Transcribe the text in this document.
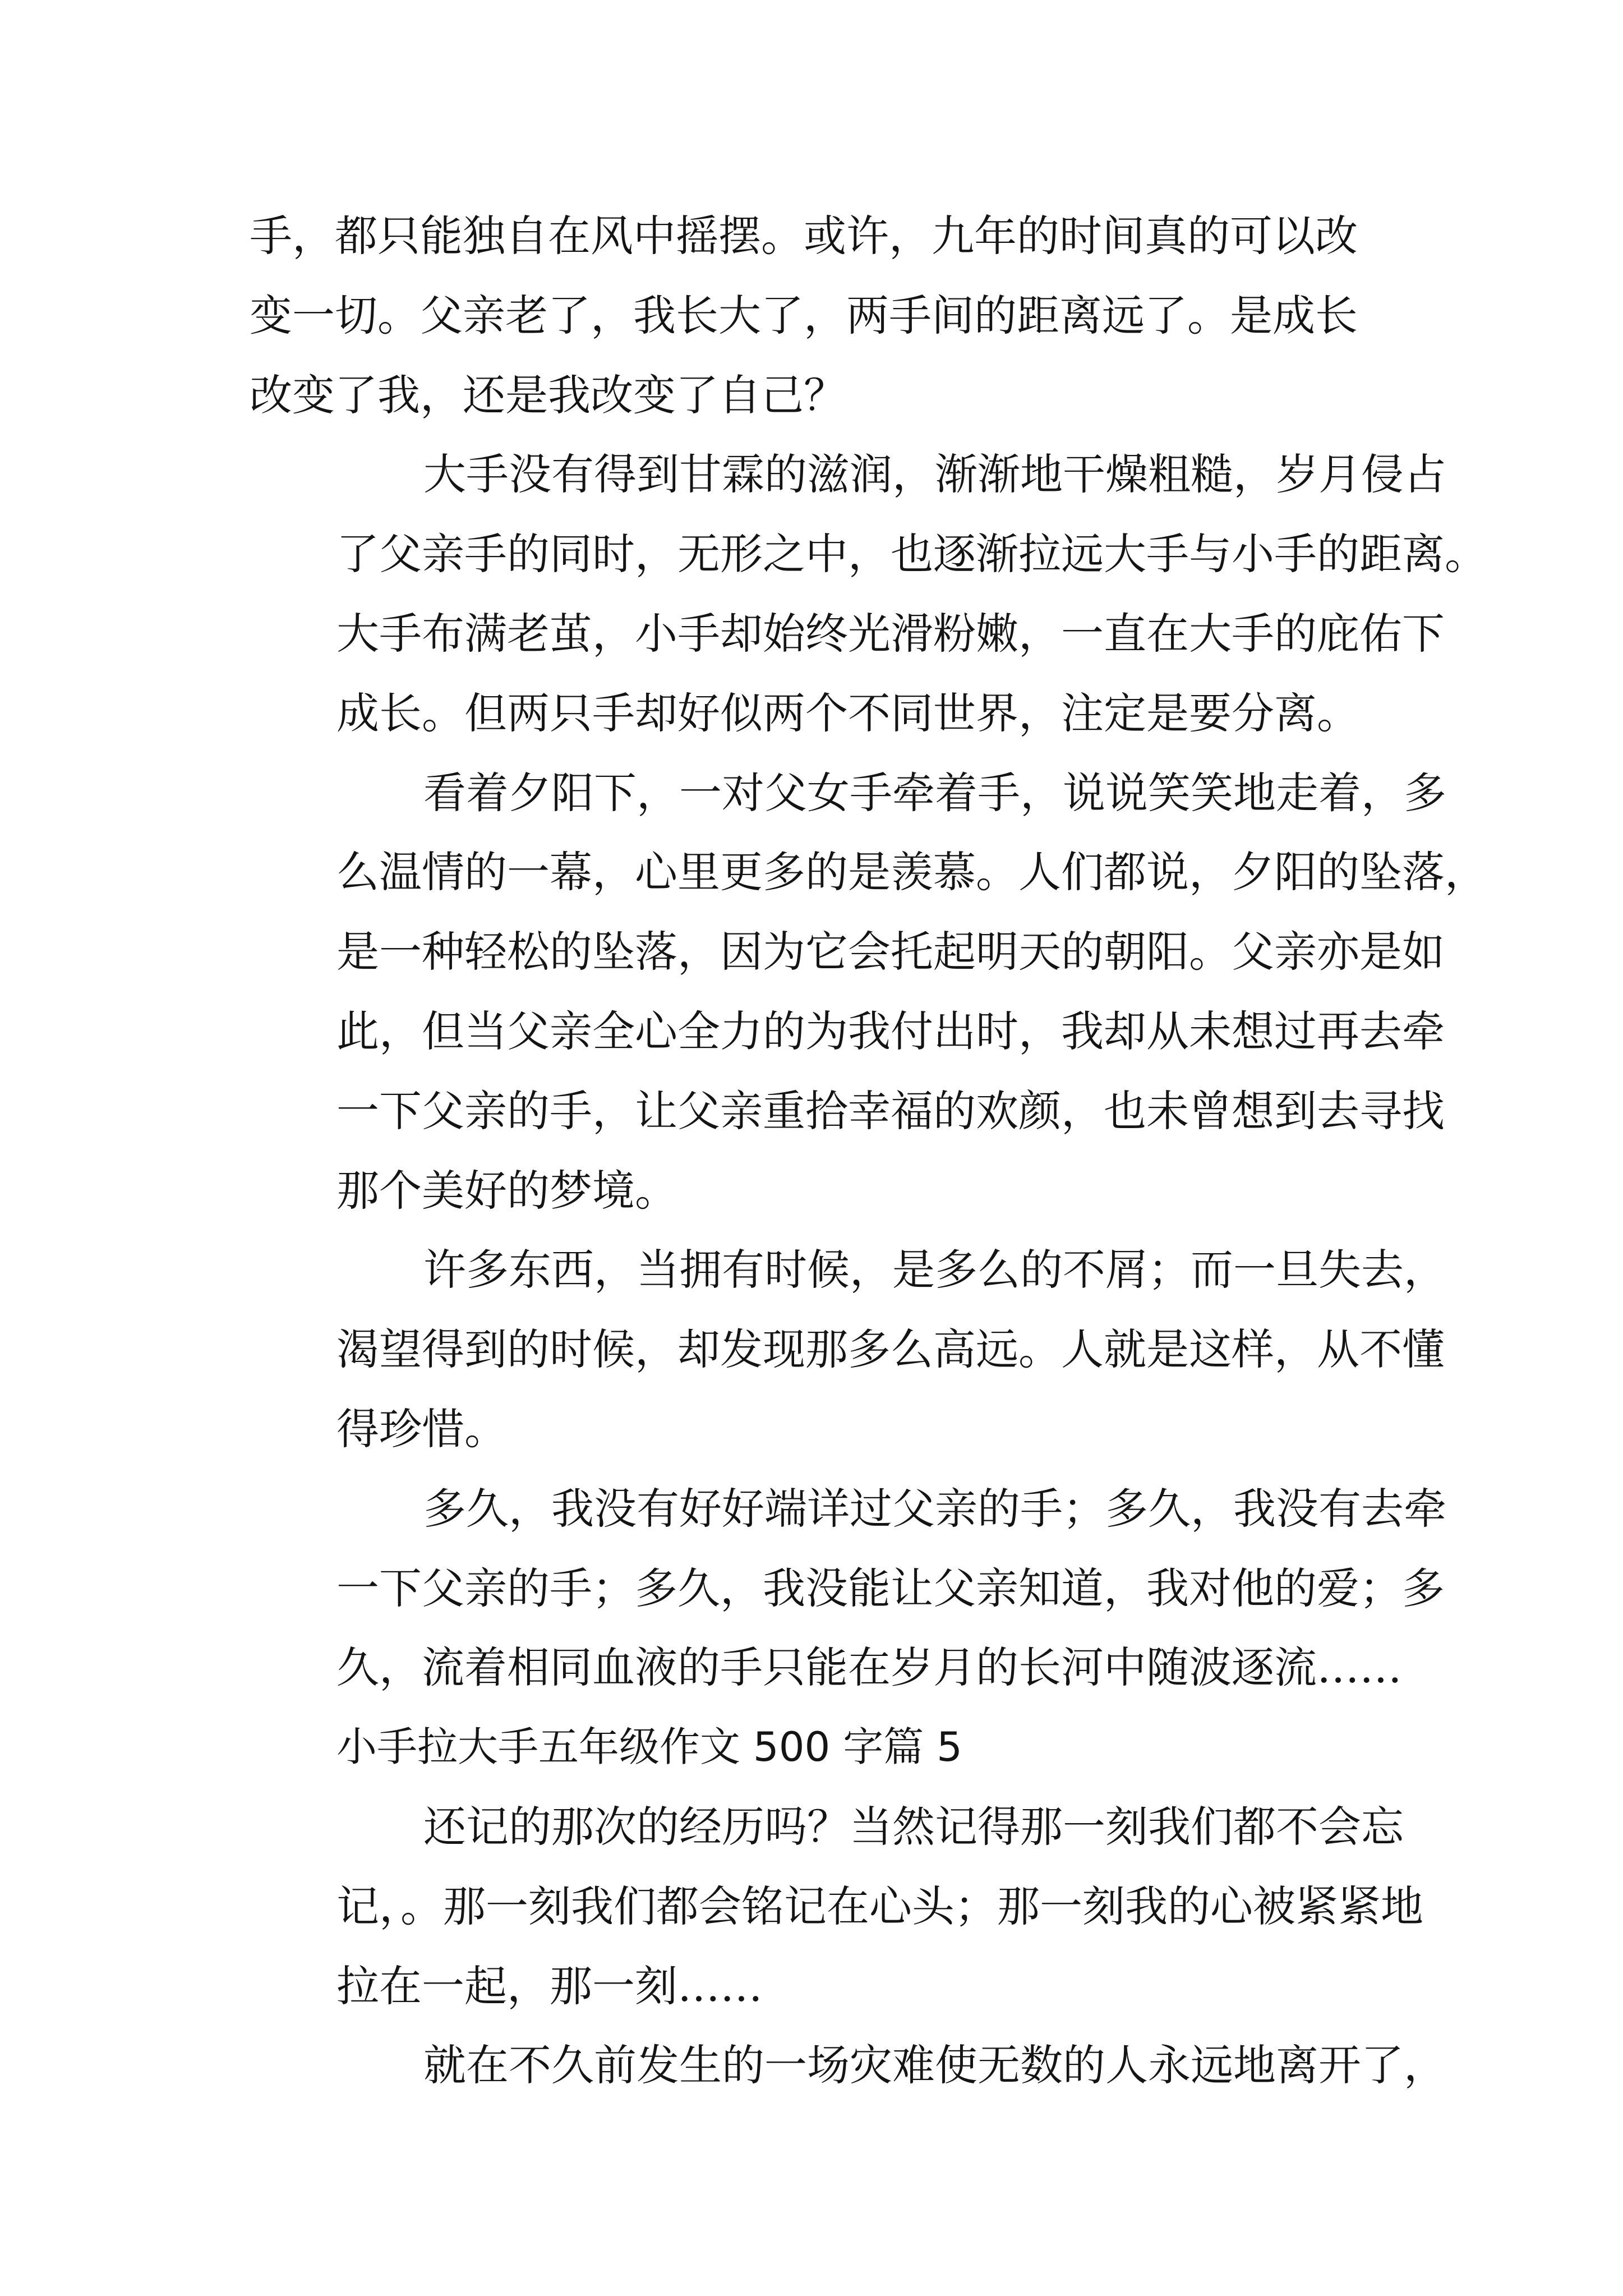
手，都只能独自在风中摇摆。或许，九年的时间真的可以改
变一切。父亲老了，我长大了，两手间的距离远了。是成长
改变了我，还是我改变了自己？
大手没有得到甘霖的滋润，渐渐地干燥粗糙，岁月侵占
了父亲手的同时，无形之中，也逐渐拉远大手与小手的距离。
大手布满老茧，小手却始终光滑粉嫩，一直在大手的庇佑下
成长。但两只手却好似两个不同世界，注定是要分离。
看着夕阳下，一对父女手牵着手，说说笑笑地走着，多
么温情的一幕，心里更多的是羡慕。人们都说，夕阳的坠落，
是一种轻松的坠落，因为它会托起明天的朝阳。父亲亦是如
此，但当父亲全心全力的为我付出时，我却从未想过再去牵
一下父亲的手，让父亲重拾幸福的欢颜，也未曾想到去寻找
那个美好的梦境。
许多东西，当拥有时候，是多么的不屑；而一旦失去，
渴望得到的时候，却发现那多么高远。人就是这样，从不懂
得珍惜。
多久，我没有好好端详过父亲的手；多久，我没有去牵
一下父亲的手；多久，我没能让父亲知道，我对他的爱；多
久，流着相同血液的手只能在岁月的长河中随波逐流……
小手拉大手五年级作文 500 字篇 5
还记的那次的经历吗？当然记得那一刻我们都不会忘
记，。那一刻我们都会铭记在心头；那一刻我的心被紧紧地
拉在一起，那一刻……
就在不久前发生的一场灾难使无数的人永远地离开了，
